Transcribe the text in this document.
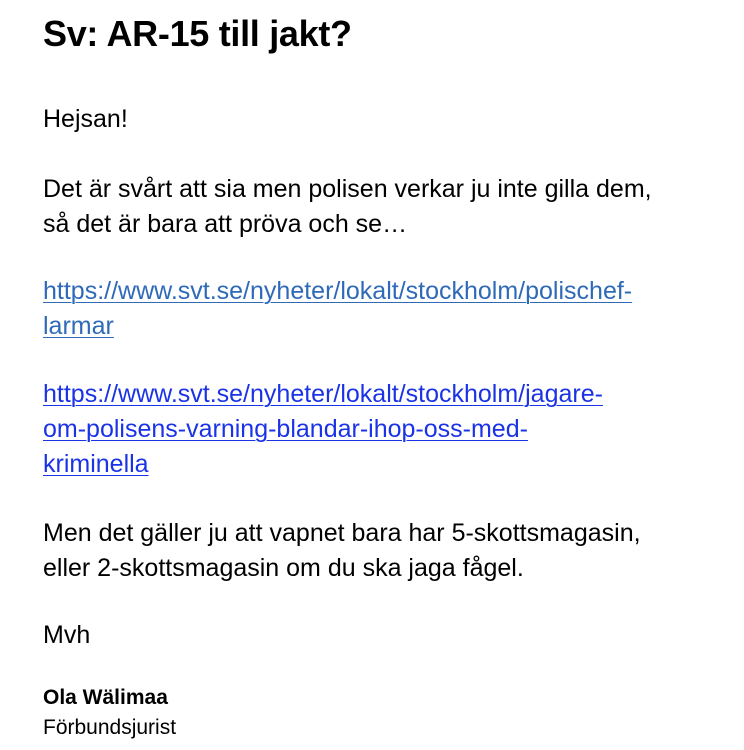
Sv: AR-15 till jakt?

Hejsan!

Det är svårt att sia men polisen verkar ju inte gilla dem,
så det är bara att pröva och se…

https://www.svt.se/nyheter/lokalt/stockholm/polischef-
larmar
https://www.svt.se/nyheter/lokalt/stockholm/jagare-
om-polisens-varning-blandar-ihop-oss-med-
kriminella

Men det gäller ju att vapnet bara har 5-skottsmagasin,
eller 2-skottsmagasin om du ska jaga fågel.

Mvh

Ola Wälimaa

Förbundsjurist
